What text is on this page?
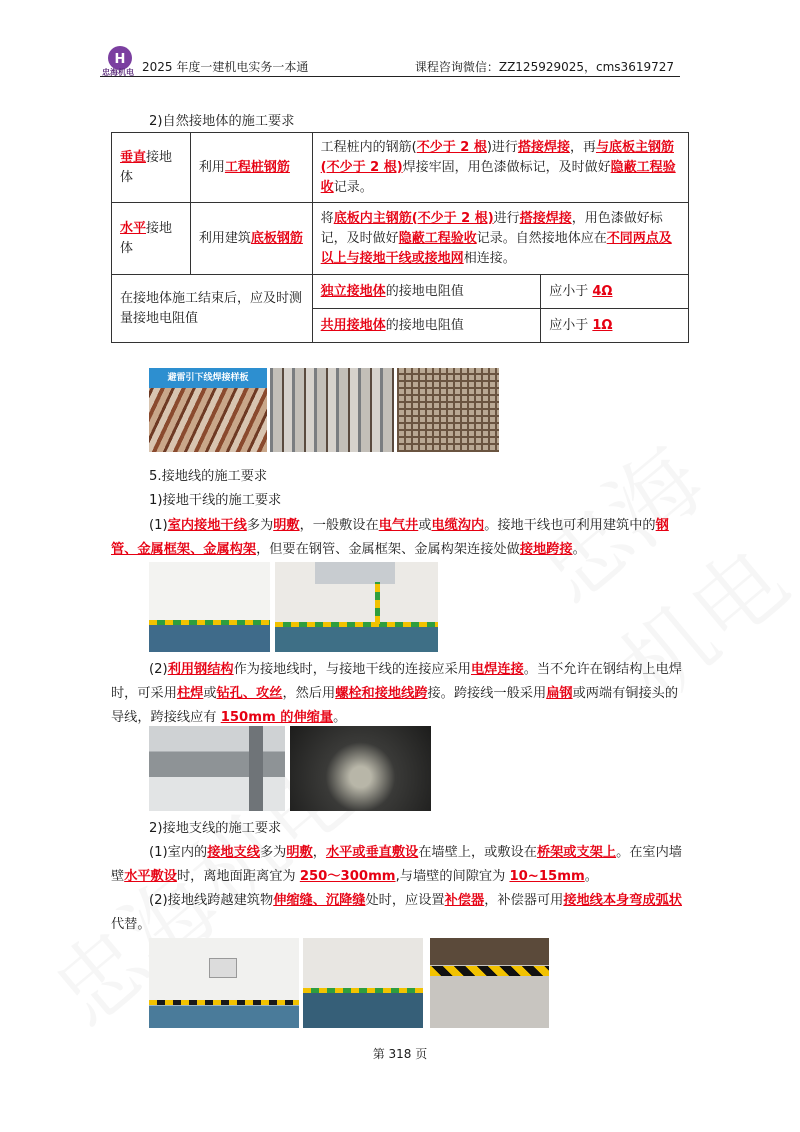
H
忠海机电 2025 年度一建机电实务一本通	课程咨询微信：ZZ125929025，cms3619727
2)自然接地体的施工要求
垂直接地体	利用工程桩钢筋	工程桩内的钢筋(不少于 2 根)进行搭接焊接，再与底板主钢筋(不少于 2 根)焊接牢固，用色漆做标记，及时做好隐蔽工程验收记录。	
水平接地体	利用建筑底板钢筋	将底板内主钢筋(不少于 2 根)进行搭接焊接，用色漆做好标记，及时做好隐蔽工程验收记录。自然接地体应在不同两点及以上与接地干线或接地网相连接。	
在接地体施工结束后，应及时测量接地电阻值		独立接地体的接地电阻值	应小于 4Ω
		共用接地体的接地电阻值	应小于 1Ω
避雷引下线焊接样板
5.接地线的施工要求
1)接地干线的施工要求
(1)室内接地干线多为明敷，一般敷设在电气井或电缆沟内。接地干线也可利用建筑中的钢管、金属框架、金属构架，但要在钢管、金属框架、金属构架连接处做接地跨接。
(2)利用钢结构作为接地线时，与接地干线的连接应采用电焊连接。当不允许在钢结构上电焊时，可采用柱焊或钻孔、攻丝，然后用螺栓和接地线跨接。跨接线一般采用扁钢或两端有铜接头的导线，跨接线应有 150mm 的伸缩量。
2)接地支线的施工要求
(1)室内的接地支线多为明敷，水平或垂直敷设在墙壁上，或敷设在桥架或支架上。在室内墙壁水平敷设时，离地面距离宜为 250～300mm,与墙壁的间隙宜为 10~15mm。
(2)接地线跨越建筑物伸缩缝、沉降缝处时，应设置补偿器，补偿器可用接地线本身弯成弧状代替。
第 318 页
